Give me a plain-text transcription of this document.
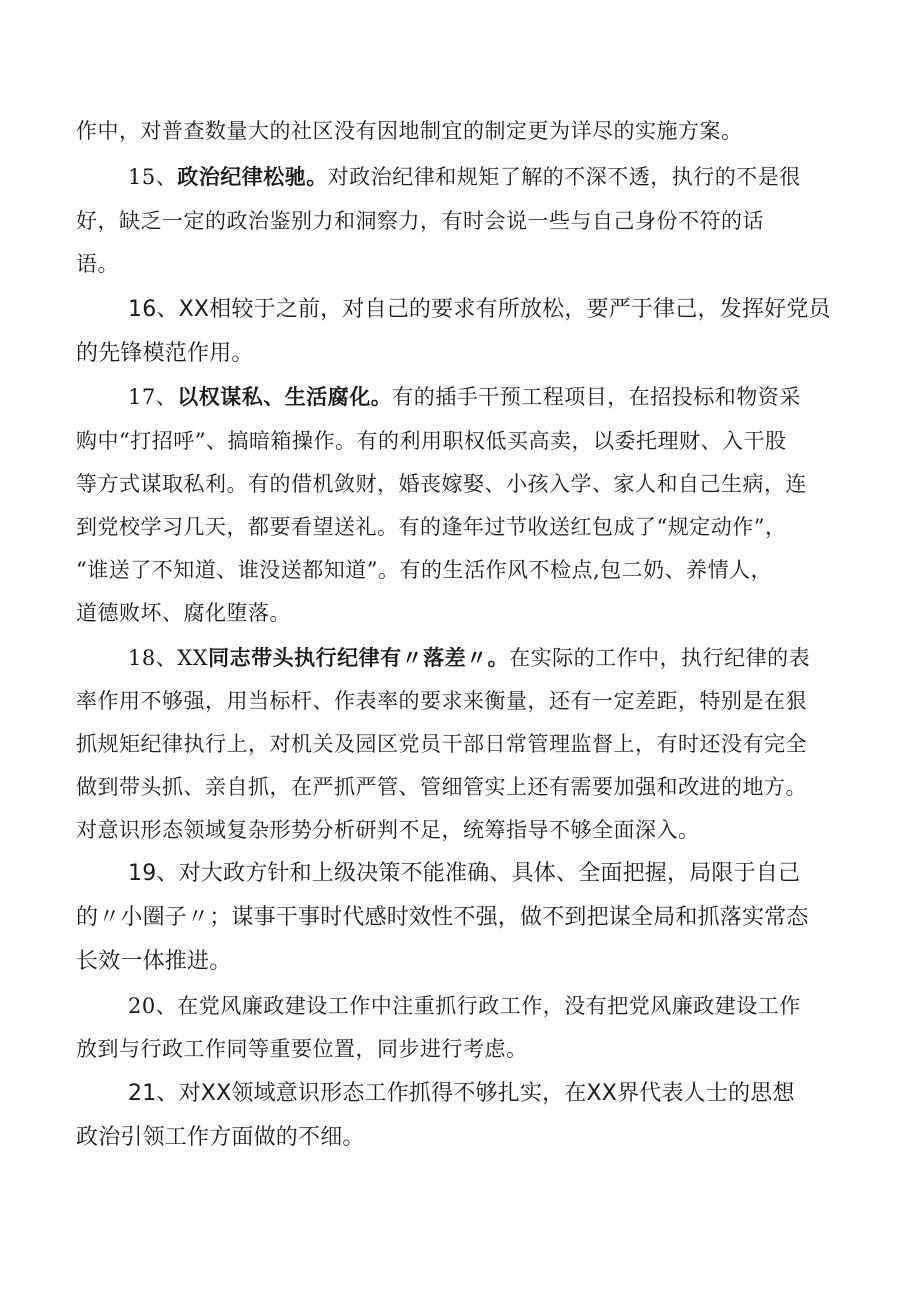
作中，对普查数量大的社区没有因地制宜的制定更为详尽的实施方案。
15、政治纪律松驰。对政治纪律和规矩了解的不深不透，执行的不是很
好，缺乏一定的政治鉴别力和洞察力，有时会说一些与自己身份不符的话
语。
16、XX相较于之前，对自己的要求有所放松，要严于律己，发挥好党员
的先锋模范作用。
17、以权谋私、生活腐化。有的插手干预工程项目，在招投标和物资采
购中“打招呼”、搞暗箱操作。有的利用职权低买高卖，以委托理财、入干股
等方式谋取私利。有的借机敛财，婚丧嫁娶、小孩入学、家人和自己生病，连
到党校学习几天，都要看望送礼。有的逢年过节收送红包成了“规定动作”，
“谁送了不知道、谁没送都知道”。有的生活作风不检点,包二奶、养情人，
道德败坏、腐化堕落。
18、XX同志带头执行纪律有〃落差〃。在实际的工作中，执行纪律的表
率作用不够强，用当标杆、作表率的要求来衡量，还有一定差距，特别是在狠
抓规矩纪律执行上，对机关及园区党员干部日常管理监督上，有时还没有完全
做到带头抓、亲自抓，在严抓严管、管细管实上还有需要加强和改进的地方。
对意识形态领域复杂形势分析研判不足，统筹指导不够全面深入。
19、对大政方针和上级决策不能准确、具体、全面把握，局限于自己
的〃小圈子〃；谋事干事时代感时效性不强，做不到把谋全局和抓落实常态
长效一体推进。
20、在党风廉政建设工作中注重抓行政工作，没有把党风廉政建设工作
放到与行政工作同等重要位置，同步进行考虑。
21、对XX领域意识形态工作抓得不够扎实，在XX界代表人士的思想
政治引领工作方面做的不细。
